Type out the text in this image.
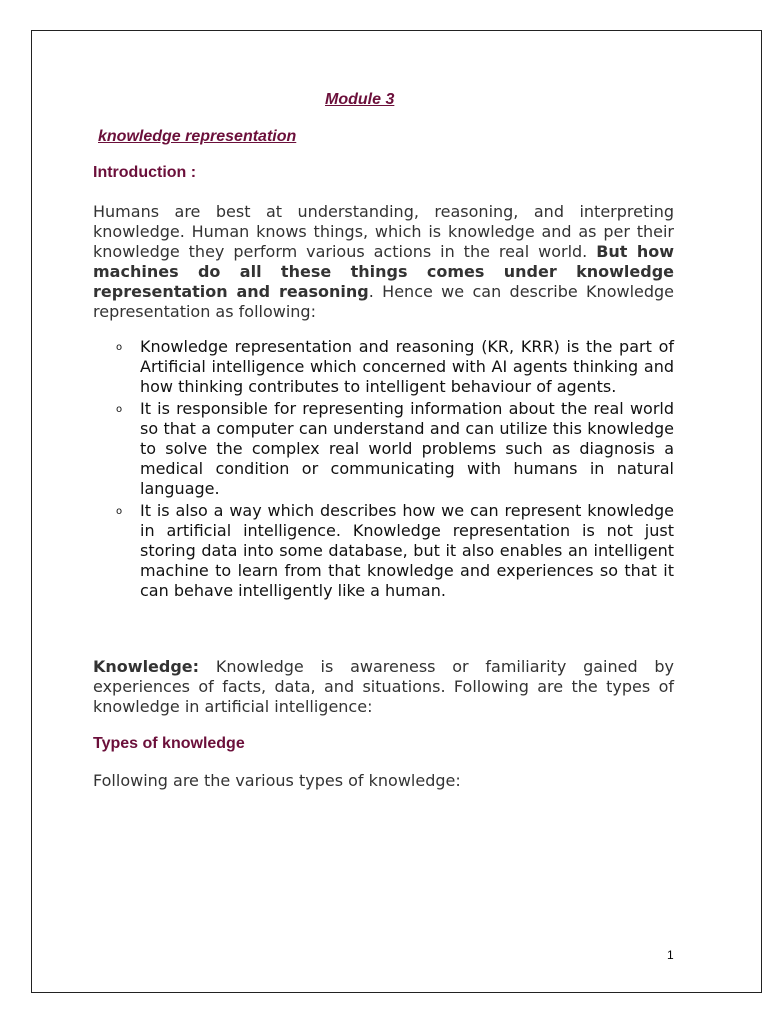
Module 3
knowledge representation
Introduction :

Humans are best at understanding, reasoning, and interpreting knowledge. Human knows things, which is knowledge and as per their knowledge they perform various actions in the real world. But how machines do all these things comes under knowledge representation and reasoning. Hence we can describe Knowledge representation as following:

o Knowledge representation and reasoning (KR, KRR) is the part of Artificial intelligence which concerned with AI agents thinking and how thinking contributes to intelligent behaviour of agents.
o It is responsible for representing information about the real world so that a computer can understand and can utilize this knowledge to solve the complex real world problems such as diagnosis a medical condition or communicating with humans in natural language.
o It is also a way which describes how we can represent knowledge in artificial intelligence. Knowledge representation is not just storing data into some database, but it also enables an intelligent machine to learn from that knowledge and experiences so that it can behave intelligently like a human.

Knowledge: Knowledge is awareness or familiarity gained by experiences of facts, data, and situations. Following are the types of knowledge in artificial intelligence:

Types of knowledge

Following are the various types of knowledge:

1
